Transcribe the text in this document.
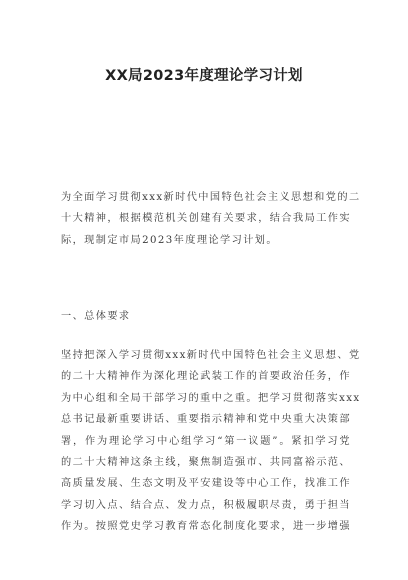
XX局2023年度理论学习计划
为全面学习贯彻xxx新时代中国特色社会主义思想和党的二
十大精神，根据模范机关创建有关要求，结合我局工作实
际，现制定市局2023年度理论学习计划。
一、总体要求
坚持把深入学习贯彻xxx新时代中国特色社会主义思想、党
的二十大精神作为深化理论武装工作的首要政治任务，作
为中心组和全局干部学习的重中之重。把学习贯彻落实xxx
总书记最新重要讲话、重要指示精神和党中央重大决策部
署，作为理论学习中心组学习“第一议题”。紧扣学习党
的二十大精神这条主线，聚焦制造强市、共同富裕示范、
高质量发展、生态文明及平安建设等中心工作，找准工作
学习切入点、结合点、发力点，积极履职尽责，勇于担当
作为。按照党史学习教育常态化制度化要求，进一步增强
